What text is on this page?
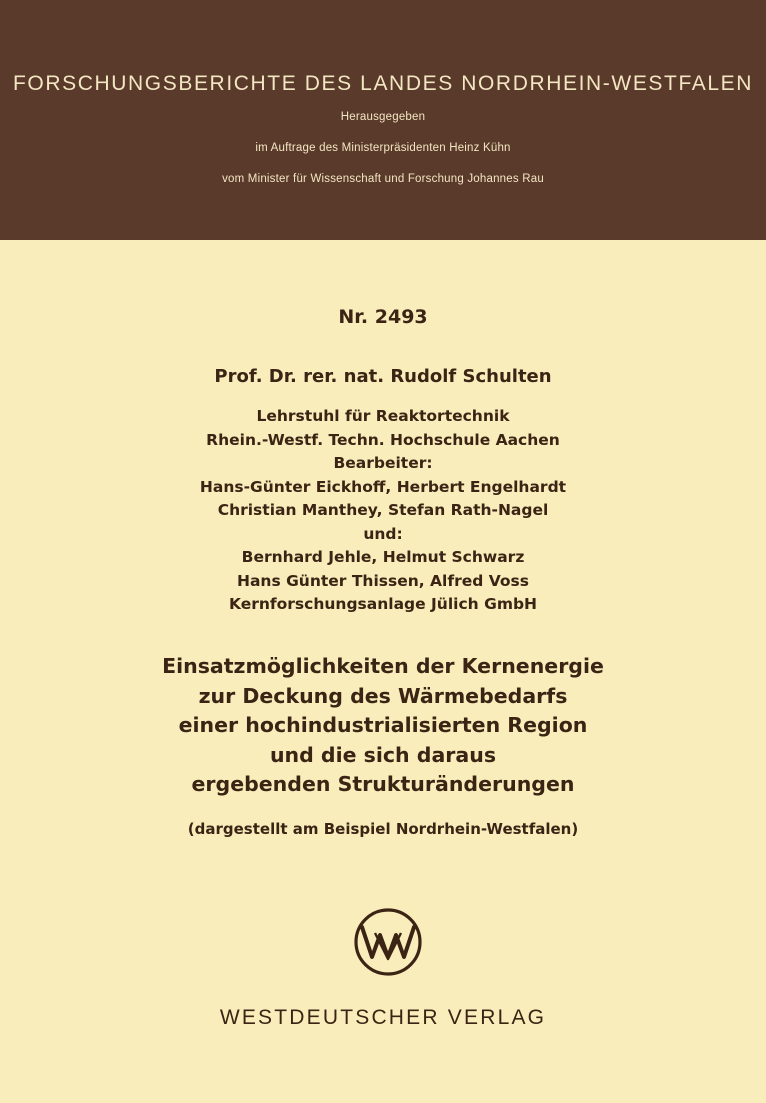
FORSCHUNGSBERICHTE DES LANDES NORDRHEIN-WESTFALEN
Herausgegeben
im Auftrage des Ministerpräsidenten Heinz Kühn
vom Minister für Wissenschaft und Forschung Johannes Rau
Nr. 2493
Prof. Dr. rer. nat. Rudolf Schulten
Lehrstuhl für Reaktortechnik
Rhein.-Westf. Techn. Hochschule Aachen
Bearbeiter:
Hans-Günter Eickhoff, Herbert Engelhardt
Christian Manthey, Stefan Rath-Nagel
und:
Bernhard Jehle, Helmut Schwarz
Hans Günter Thissen, Alfred Voss
Kernforschungsanlage Jülich GmbH
Einsatzmöglichkeiten der Kernenergie
zur Deckung des Wärmebedarfs
einer hochindustrialisierten Region
und die sich daraus
ergebenden Strukturänderungen
(dargestellt am Beispiel Nordrhein-Westfalen)
WESTDEUTSCHER VERLAG
